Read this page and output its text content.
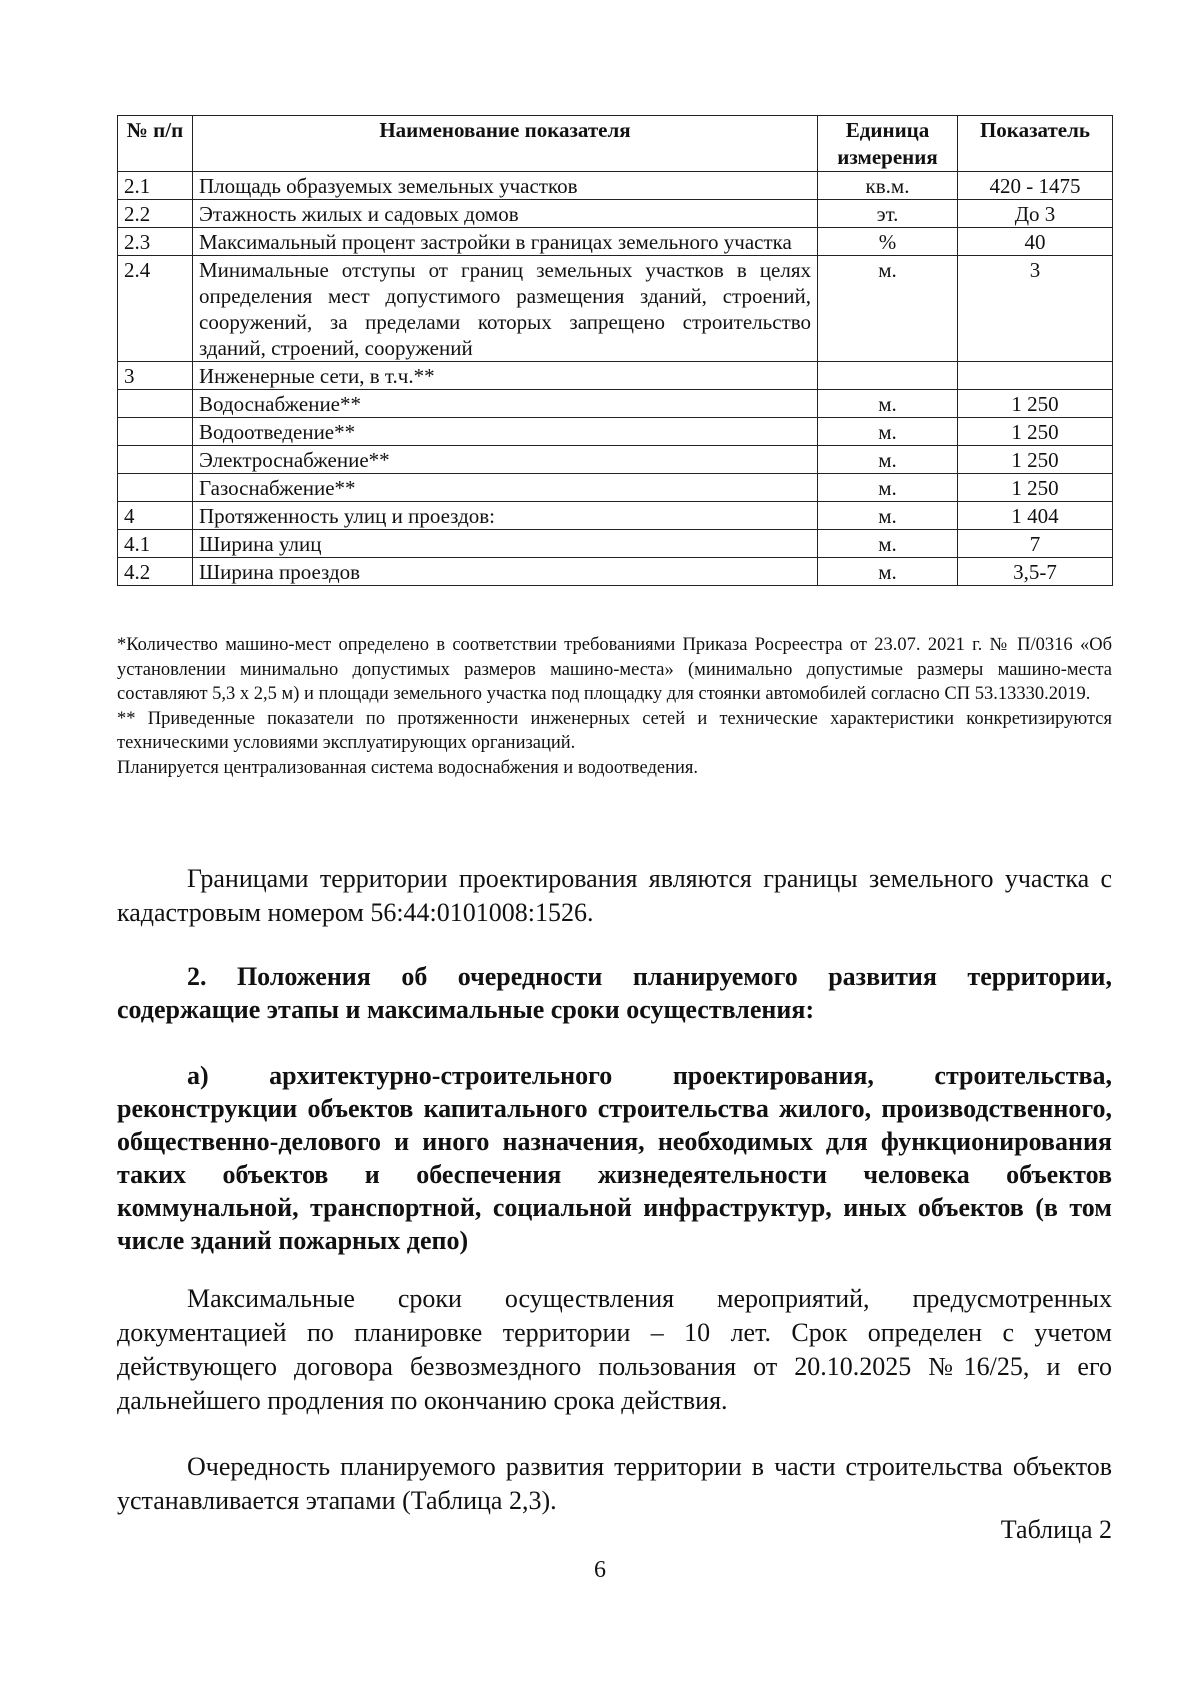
№ п/п	Наименование показателя	Единица измерения	Показатель
2.1	Площадь образуемых земельных участков	кв.м.	420 - 1475
2.2	Этажность жилых и садовых домов	эт.	До 3
2.3	Максимальный процент застройки в границах земельного участка	%	40
2.4	Минимальные отступы от границ земельных участков в целях определения мест допустимого размещения зданий, строений, сооружений, за пределами которых запрещено строительство зданий, строений, сооружений	м.	3
3	Инженерные сети, в т.ч.**		
	Водоснабжение**	м.	1 250
	Водоотведение**	м.	1 250
	Электроснабжение**	м.	1 250
	Газоснабжение**	м.	1 250
4	Протяженность улиц и проездов:	м.	1 404
4.1	Ширина улиц	м.	7
4.2	Ширина проездов	м.	3,5-7

*Количество машино-мест определено в соответствии требованиями Приказа Росреестра от 23.07. 2021 г. № П/0316 «Об установлении минимально допустимых размеров машино-места» (минимально допустимые размеры машино-места составляют 5,3 х 2,5 м) и площади земельного участка под площадку для стоянки автомобилей согласно СП 53.13330.2019.

** Приведенные показатели по протяженности инженерных сетей и технические характеристики конкретизируются техническими условиями эксплуатирующих организаций.

Планируется централизованная система водоснабжения и водоотведения.

Границами территории проектирования являются границы земельного участка с кадастровым номером 56:44:0101008:1526.

2. Положения об очередности планируемого развития территории, содержащие этапы и максимальные сроки осуществления:

а) архитектурно-строительного проектирования, строительства, реконструкции объектов капитального строительства жилого, производственного, общественно-делового и иного назначения, необходимых для функционирования таких объектов и обеспечения жизнедеятельности человека объектов коммунальной, транспортной, социальной инфраструктур, иных объектов (в том числе зданий пожарных депо)

Максимальные сроки осуществления мероприятий, предусмотренных документацией по планировке территории – 10 лет. Срок определен с учетом действующего договора безвозмездного пользования от 20.10.2025 №16/25, и его дальнейшего продления по окончанию срока действия.

Очередность планируемого развития территории в части строительства объектов устанавливается этапами (Таблица 2,3).

Таблица 2
6
